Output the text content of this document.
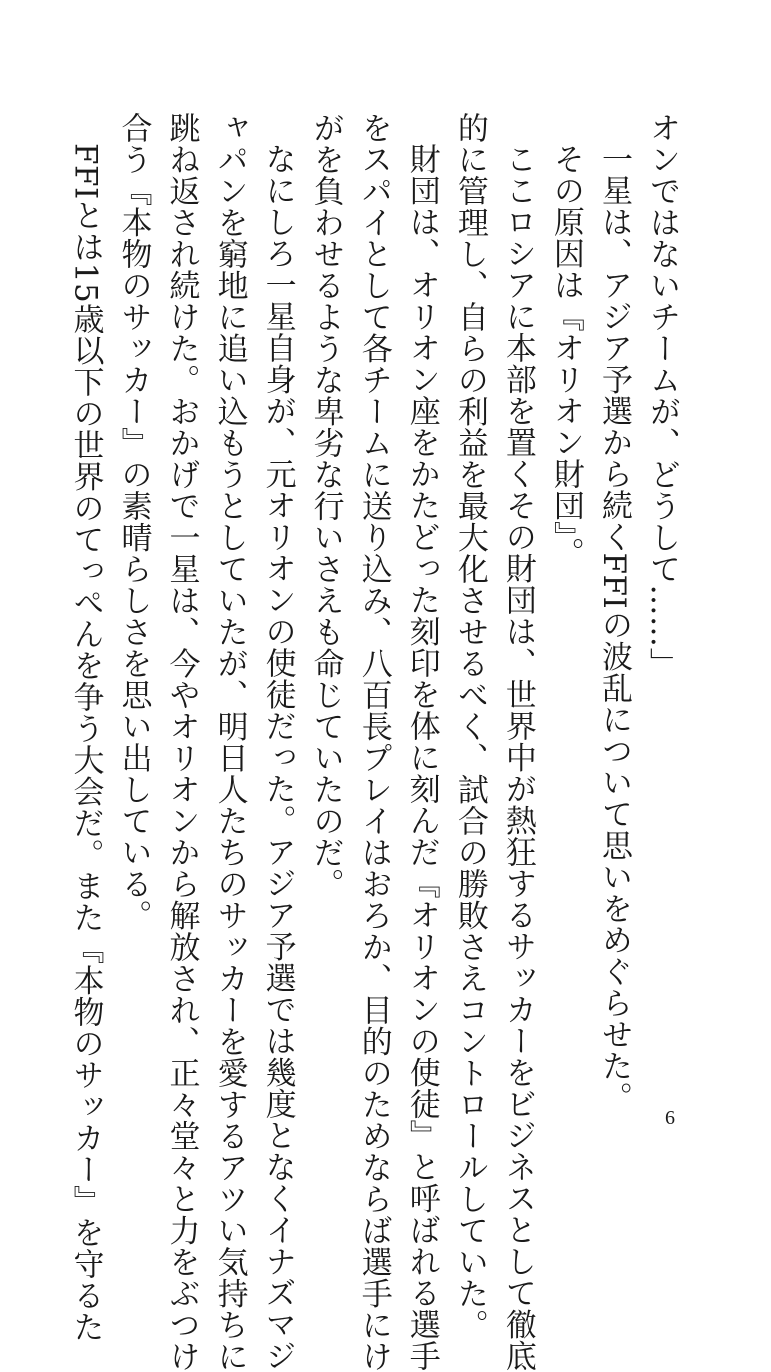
オンではないチームが、どうして……」
一星は、アジア予選から続くFFIの波乱について思いをめぐらせた。
その原因は『オリオン財団』。
ここロシアに本部を置くその財団は、世界中が熱狂するサッカーをビジネスとして徹底
的に管理し、自らの利益を最大化させるべく、試合の勝敗さえコントロールしていた。
財団は、オリオン座をかたどった刻印を体に刻んだ『オリオンの使徒』と呼ばれる選手
をスパイとして各チームに送り込み、八百長プレイはおろか、目的のためならば選手にけ
がを負わせるような卑劣な行いさえも命じていたのだ。
なにしろ一星自身が、元オリオンの使徒だった。アジア予選では幾度となくイナズマジ
ャパンを窮地に追い込もうとしていたが、明日人たちのサッカーを愛するアツい気持ちに
跳ね返され続けた。おかげで一星は、今やオリオンから解放され、正々堂々と力をぶつけ
合う『本物のサッカー』の素晴らしさを思い出している。
FFIとは15歳以下の世界のてっぺんを争う大会だ。また『本物のサッカー』を守るた	6
